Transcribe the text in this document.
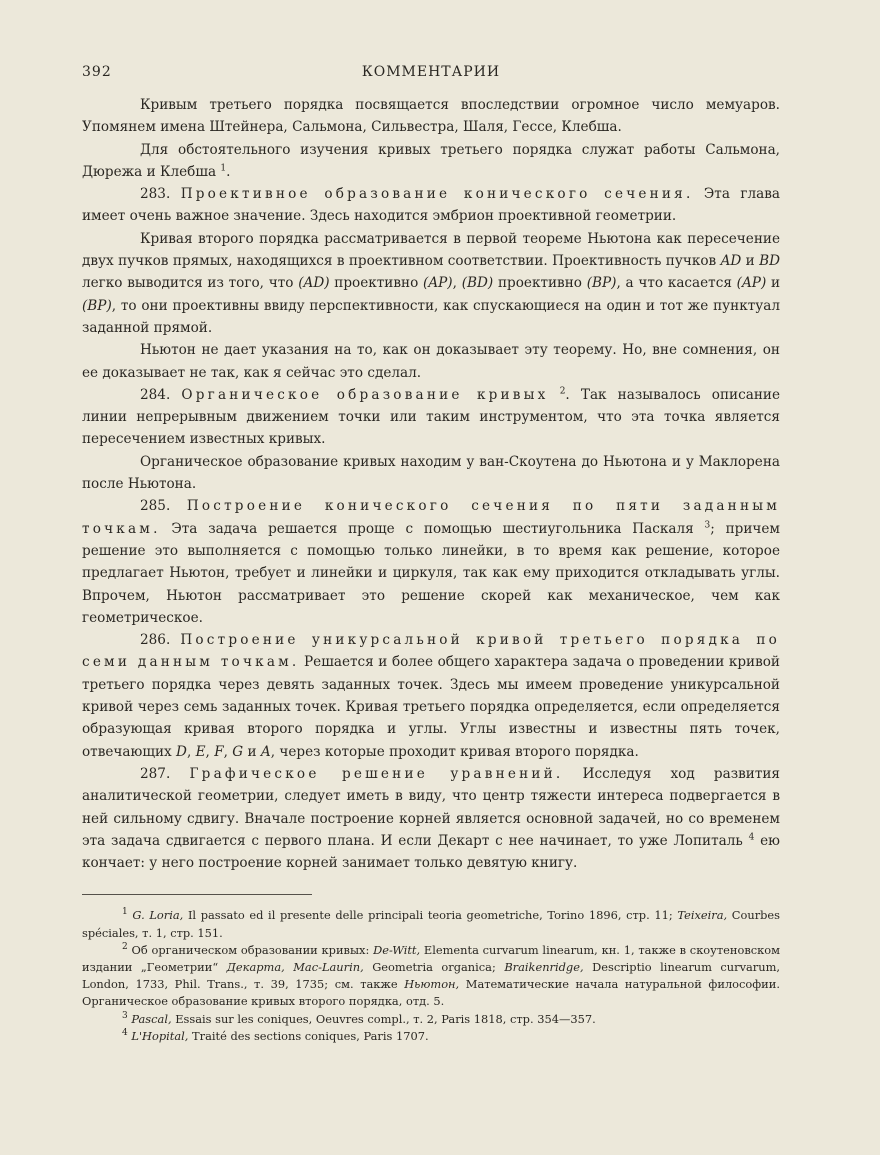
392	КОММЕНТАРИИ

Кривым третьего порядка посвящается впоследствии огромное число мемуаров. Упомянем имена Штейнера, Сальмона, Сильвестра, Шаля, Гессе, Клебша.

Для обстоятельного изучения кривых третьего порядка служат работы Сальмона, Дюрежа и Клебша $^1$.

283. Проективное образование конического сечения. Эта глава имеет очень важное значение. Здесь находится эмбрион проективной геометрии.

Кривая второго порядка рассматривается в первой теореме Ньютона как пересечение двух пучков прямых, находящихся в проективном соответствии. Проективность пучков AD и BD легко выводится из того, что (AD) проективно (AP), (BD) проективно (BP), а что касается (AP) и (BP), то они проективны ввиду перспективности, как спускающиеся на один и тот же пунктуал заданной прямой.

Ньютон не дает указания на то, как он доказывает эту теорему. Но, вне сомнения, он ее доказывает не так, как я сейчас это сделал.

284. Органическое образование кривых $^2$. Так называлось описание линии непрерывным движением точки или таким инструментом, что эта точка является пересечением известных кривых.

Органическое образование кривых находим у ван-Скоутена до Ньютона и у Маклорена после Ньютона.

285. Построение конического сечения по пяти заданным точкам. Эта задача решается проще с помощью шестиугольника Паскаля $^3$; причем решение это выполняется с помощью только линейки, в то время как решение, которое предлагает Ньютон, требует и линейки и циркуля, так как ему приходится откладывать углы. Впрочем, Ньютон рассматривает это решение скорей как механическое, чем как геометрическое.

286. Построение уникурсальной кривой третьего порядка по семи данным точкам. Решается и более общего характера задача о проведении кривой третьего порядка через девять заданных точек. Здесь мы имеем проведение уникурсальной кривой через семь заданных точек. Кривая третьего порядка определяется, если определяется образующая кривая второго порядка и углы. Углы известны и известны пять точек, отвечающих D, E, F, G и A, через которые проходит кривая второго порядка.

287. Графическое решение уравнений. Исследуя ход развития аналитической геометрии, следует иметь в виду, что центр тяжести интереса подвергается в ней сильному сдвигу. Вначале построение корней является основной задачей, но со временем эта задача сдвигается с первого плана. И если Декарт с нее начинает, то уже Лопиталь $^4$ ею кончает: у него построение корней занимает только девятую книгу.

$^1$ G. Loria, Il passato ed il presente delle principali teoria geometriche, Torino 1896, стр. 11; Teixeira, Courbes spéciales, т. 1, стр. 151.

$^2$ Об органическом образовании кривых: De-Witt, Elementa curvarum linearum, кн. 1, также в скоутеновском издании „Геометрии“ Декарта, Mac-Laurin, Geometria organica; Braikenridge, Descriptio linearum curvarum, London, 1733, Phil. Trans., т. 39, 1735; см. также Ньютон, Математические начала натуральной философии. Органическое образование кривых второго порядка, отд. 5.

$^3$ Pascal, Essais sur les coniques, Oeuvres compl., т. 2, Paris 1818, стр. 354—357.

$^4$ L'Hopital, Traité des sections coniques, Paris 1707.
